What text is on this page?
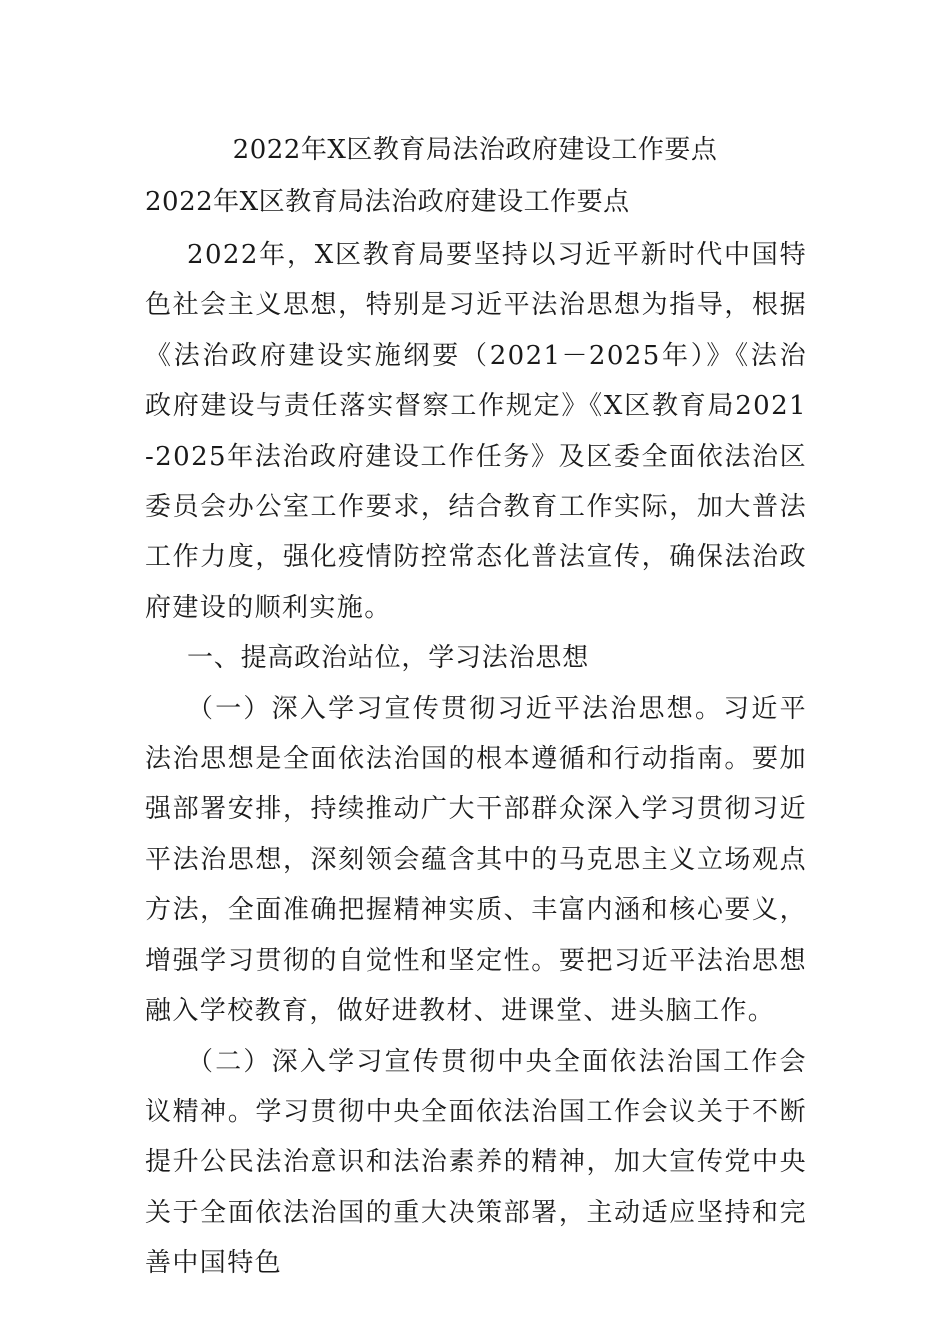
2022年X区教育局法治政府建设工作要点
2022年X区教育局法治政府建设工作要点

2022年，X区教育局要坚持以习近平新时代中国特色社会主义思想，特别是习近平法治思想为指导，根据《法治政府建设实施纲要（2021－2025年）》《法治政府建设与责任落实督察工作规定》《X区教育局2021-2025年法治政府建设工作任务》及区委全面依法治区委员会办公室工作要求，结合教育工作实际，加大普法工作力度，强化疫情防控常态化普法宣传，确保法治政府建设的顺利实施。

一、提高政治站位，学习法治思想

（一）深入学习宣传贯彻习近平法治思想。习近平法治思想是全面依法治国的根本遵循和行动指南。要加强部署安排，持续推动广大干部群众深入学习贯彻习近平法治思想，深刻领会蕴含其中的马克思主义立场观点方法，全面准确把握精神实质、丰富内涵和核心要义，增强学习贯彻的自觉性和坚定性。要把习近平法治思想融入学校教育，做好进教材、进课堂、进头脑工作。

（二）深入学习宣传贯彻中央全面依法治国工作会议精神。学习贯彻中央全面依法治国工作会议关于不断提升公民法治意识和法治素养的精神，加大宣传党中央关于全面依法治国的重大决策部署，主动适应坚持和完善中国特色
